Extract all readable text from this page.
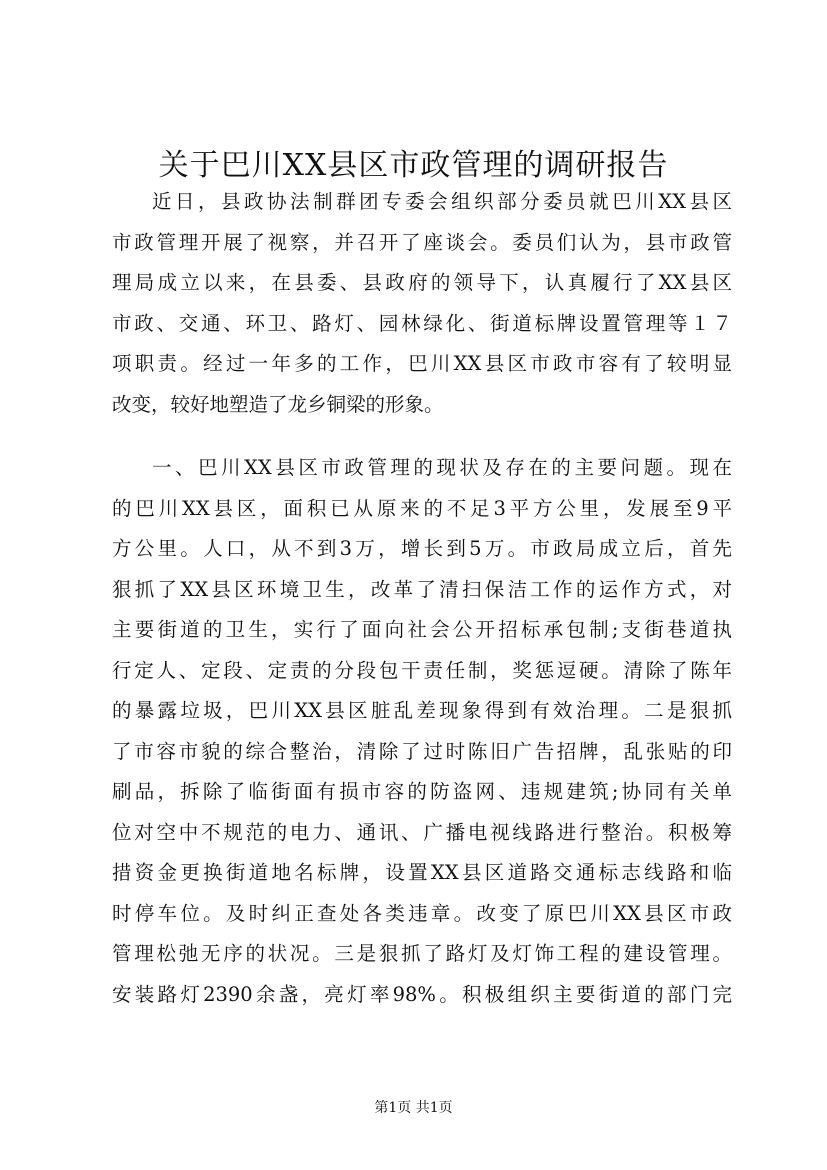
关于巴川XX县区市政管理的调研报告
近日，县政协法制群团专委会组织部分委员就巴川XX县区
市政管理开展了视察，并召开了座谈会。委员们认为，县市政管
理局成立以来，在县委、县政府的领导下，认真履行了XX县区
市政、交通、环卫、路灯、园林绿化、街道标牌设置管理等１７
项职责。经过一年多的工作，巴川XX县区市政市容有了较明显
改变，较好地塑造了龙乡铜梁的形象。
一、巴川XX县区市政管理的现状及存在的主要问题。现在
的巴川XX县区，面积已从原来的不足3平方公里，发展至9平
方公里。人口，从不到3万，增长到5万。市政局成立后，首先
狠抓了XX县区环境卫生，改革了清扫保洁工作的运作方式，对
主要街道的卫生，实行了面向社会公开招标承包制;支街巷道执
行定人、定段、定责的分段包干责任制，奖惩逗硬。清除了陈年
的暴露垃圾，巴川XX县区脏乱差现象得到有效治理。二是狠抓
了市容市貌的综合整治，清除了过时陈旧广告招牌，乱张贴的印
刷品，拆除了临街面有损市容的防盗网、违规建筑;协同有关单
位对空中不规范的电力、通讯、广播电视线路进行整治。积极筹
措资金更换街道地名标牌，设置XX县区道路交通标志线路和临
时停车位。及时纠正查处各类违章。改变了原巴川XX县区市政
管理松弛无序的状况。三是狠抓了路灯及灯饰工程的建设管理。
安装路灯2390余盏，亮灯率98%。积极组织主要街道的部门完
第1页 共1页
